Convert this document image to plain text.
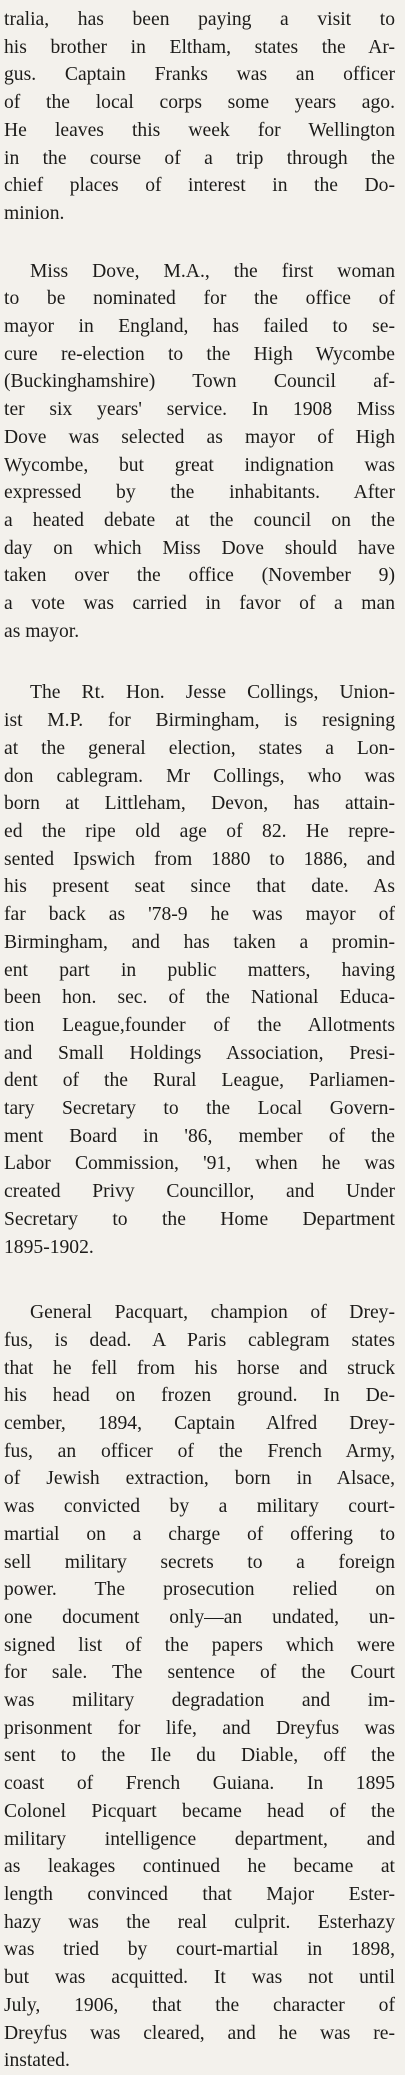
tralia, has been paying a visit to
his brother in Eltham, states the Ar-
gus. Captain Franks was an officer
of the local corps some years ago.
He leaves this week for Wellington
in the course of a trip through the
chief places of interest in the Do-
minion.
Miss Dove, M.A., the first woman
to be nominated for the office of
mayor in England, has failed to se-
cure re-election to the High Wycombe
(Buckinghamshire) Town Council af-
ter six years' service. In 1908 Miss
Dove was selected as mayor of High
Wycombe, but great indignation was
expressed by the inhabitants. After
a heated debate at the council on the
day on which Miss Dove should have
taken over the office (November 9)
a vote was carried in favor of a man
as mayor.
The Rt. Hon. Jesse Collings, Union-
ist M.P. for Birmingham, is resigning
at the general election, states a Lon-
don cablegram. Mr Collings, who was
born at Littleham, Devon, has attain-
ed the ripe old age of 82. He repre-
sented Ipswich from 1880 to 1886, and
his present seat since that date. As
far back as '78-9 he was mayor of
Birmingham, and has taken a promin-
ent part in public matters, having
been hon. sec. of the National Educa-
tion League,founder of the Allotments
and Small Holdings Association, Presi-
dent of the Rural League, Parliamen-
tary Secretary to the Local Govern-
ment Board in '86, member of the
Labor Commission, '91, when he was
created Privy Councillor, and Under
Secretary to the Home Department
1895-1902.
General Pacquart, champion of Drey-
fus, is dead. A Paris cablegram states
that he fell from his horse and struck
his head on frozen ground. In De-
cember, 1894, Captain Alfred Drey-
fus, an officer of the French Army,
of Jewish extraction, born in Alsace,
was convicted by a military court-
martial on a charge of offering to
sell military secrets to a foreign
power. The prosecution relied on
one document only—an undated, un-
signed list of the papers which were
for sale. The sentence of the Court
was military degradation and im-
prisonment for life, and Dreyfus was
sent to the Ile du Diable, off the
coast of French Guiana. In 1895
Colonel Picquart became head of the
military intelligence department, and
as leakages continued he became at
length convinced that Major Ester-
hazy was the real culprit. Esterhazy
was tried by court-martial in 1898,
but was acquitted. It was not until
July, 1906, that the character of
Dreyfus was cleared, and he was re-
instated.
